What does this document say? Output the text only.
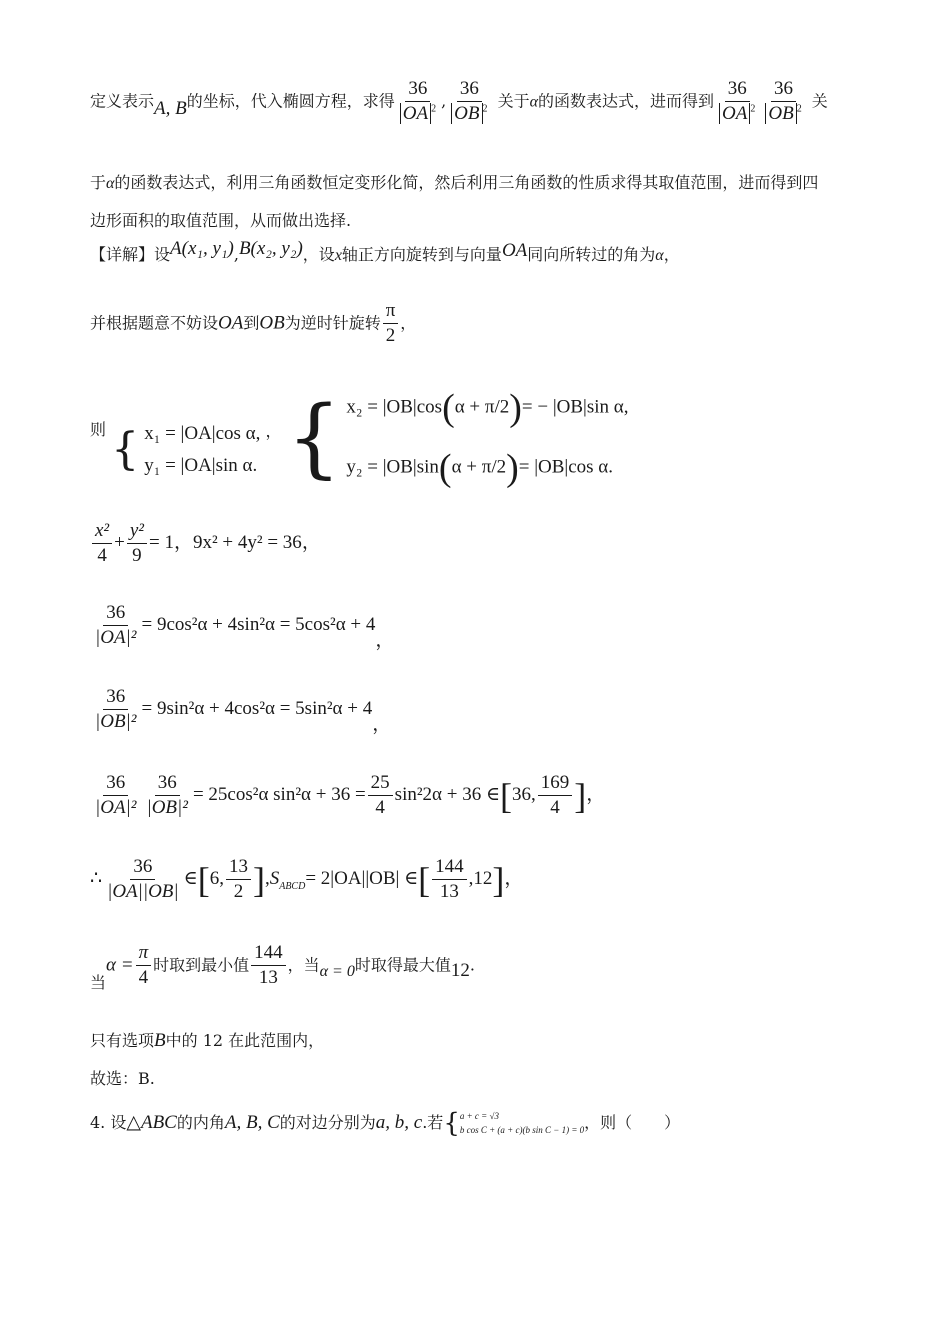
定义表示A, B的坐标，代入椭圆方程，求得 $\frac{36}{OA ^2}$ , $\frac{36}{OB ^2}$ 关于α的函数表达式，进而得到 $\frac{36}{OA ^2} \frac{36}{OB ^2}$ 关
于α的函数表达式，利用三角函数恒定变形化简，然后利用三角函数的性质求得其取值范围，进而得到四
边形面积的取值范围，从而做出选择.
【详解】设A(x₁, y₁),B(x₂, y₂)，设x轴正方向旋转到与向量OA同向所转过的角为α，
并根据题意不妨设OA到OB为逆时针旋转 $\frac{\pi}{2}$ ，
则 { x₁ = |OA|cos α,
y₁ = |OA|sin α.
， { x₂ = |OB|cos(α + π/2)= − |OB|sin α,
y₂ = |OB|sin(α + π/2)= |OB|cos α.
$\frac{\text{x²}}{4} + \frac{\text{y²}}{9} = 1$，9x² + 4y² = 36，
$\frac{36}{\text{|OA|²}} = 9\cos^2\alpha + 4\sin^2\alpha = 5\cos^2\alpha + 4$，
$\frac{36}{\text{|OB|²}} = 9\sin^2\alpha + 4\cos^2\alpha = 5\sin^2\alpha + 4$，
$\frac{36}{\text{|OA|²}} \frac{36}{\text{|OB|²}} = 25\cos^2\alpha$ $\sin^2\alpha + 36 = \frac{25}{4} \sin^22\alpha + 36$ ∈[36, $\frac{169}{4}$ ]，
∴ $\frac{36}{|OA||OB|}$ ∈[6, $\frac{13}{2} ],S_{ABCD}= 2|OA||OB|$ ∈[ $\frac{144}{13} ,12$]，
当$\alpha = \frac{\pi}{4}$ 时取到最小值 $\frac{144}{13}$ ，当α = 0时取得最大值12.
只有选项B中的 12 在此范围内，
故选：B.
4. 设△ABC的内角A, B, C的对边分别为a, b, c.若{ a + c = √3
b cos C + (a + c)(b sin C − 1) = 0 ，则（　　）
